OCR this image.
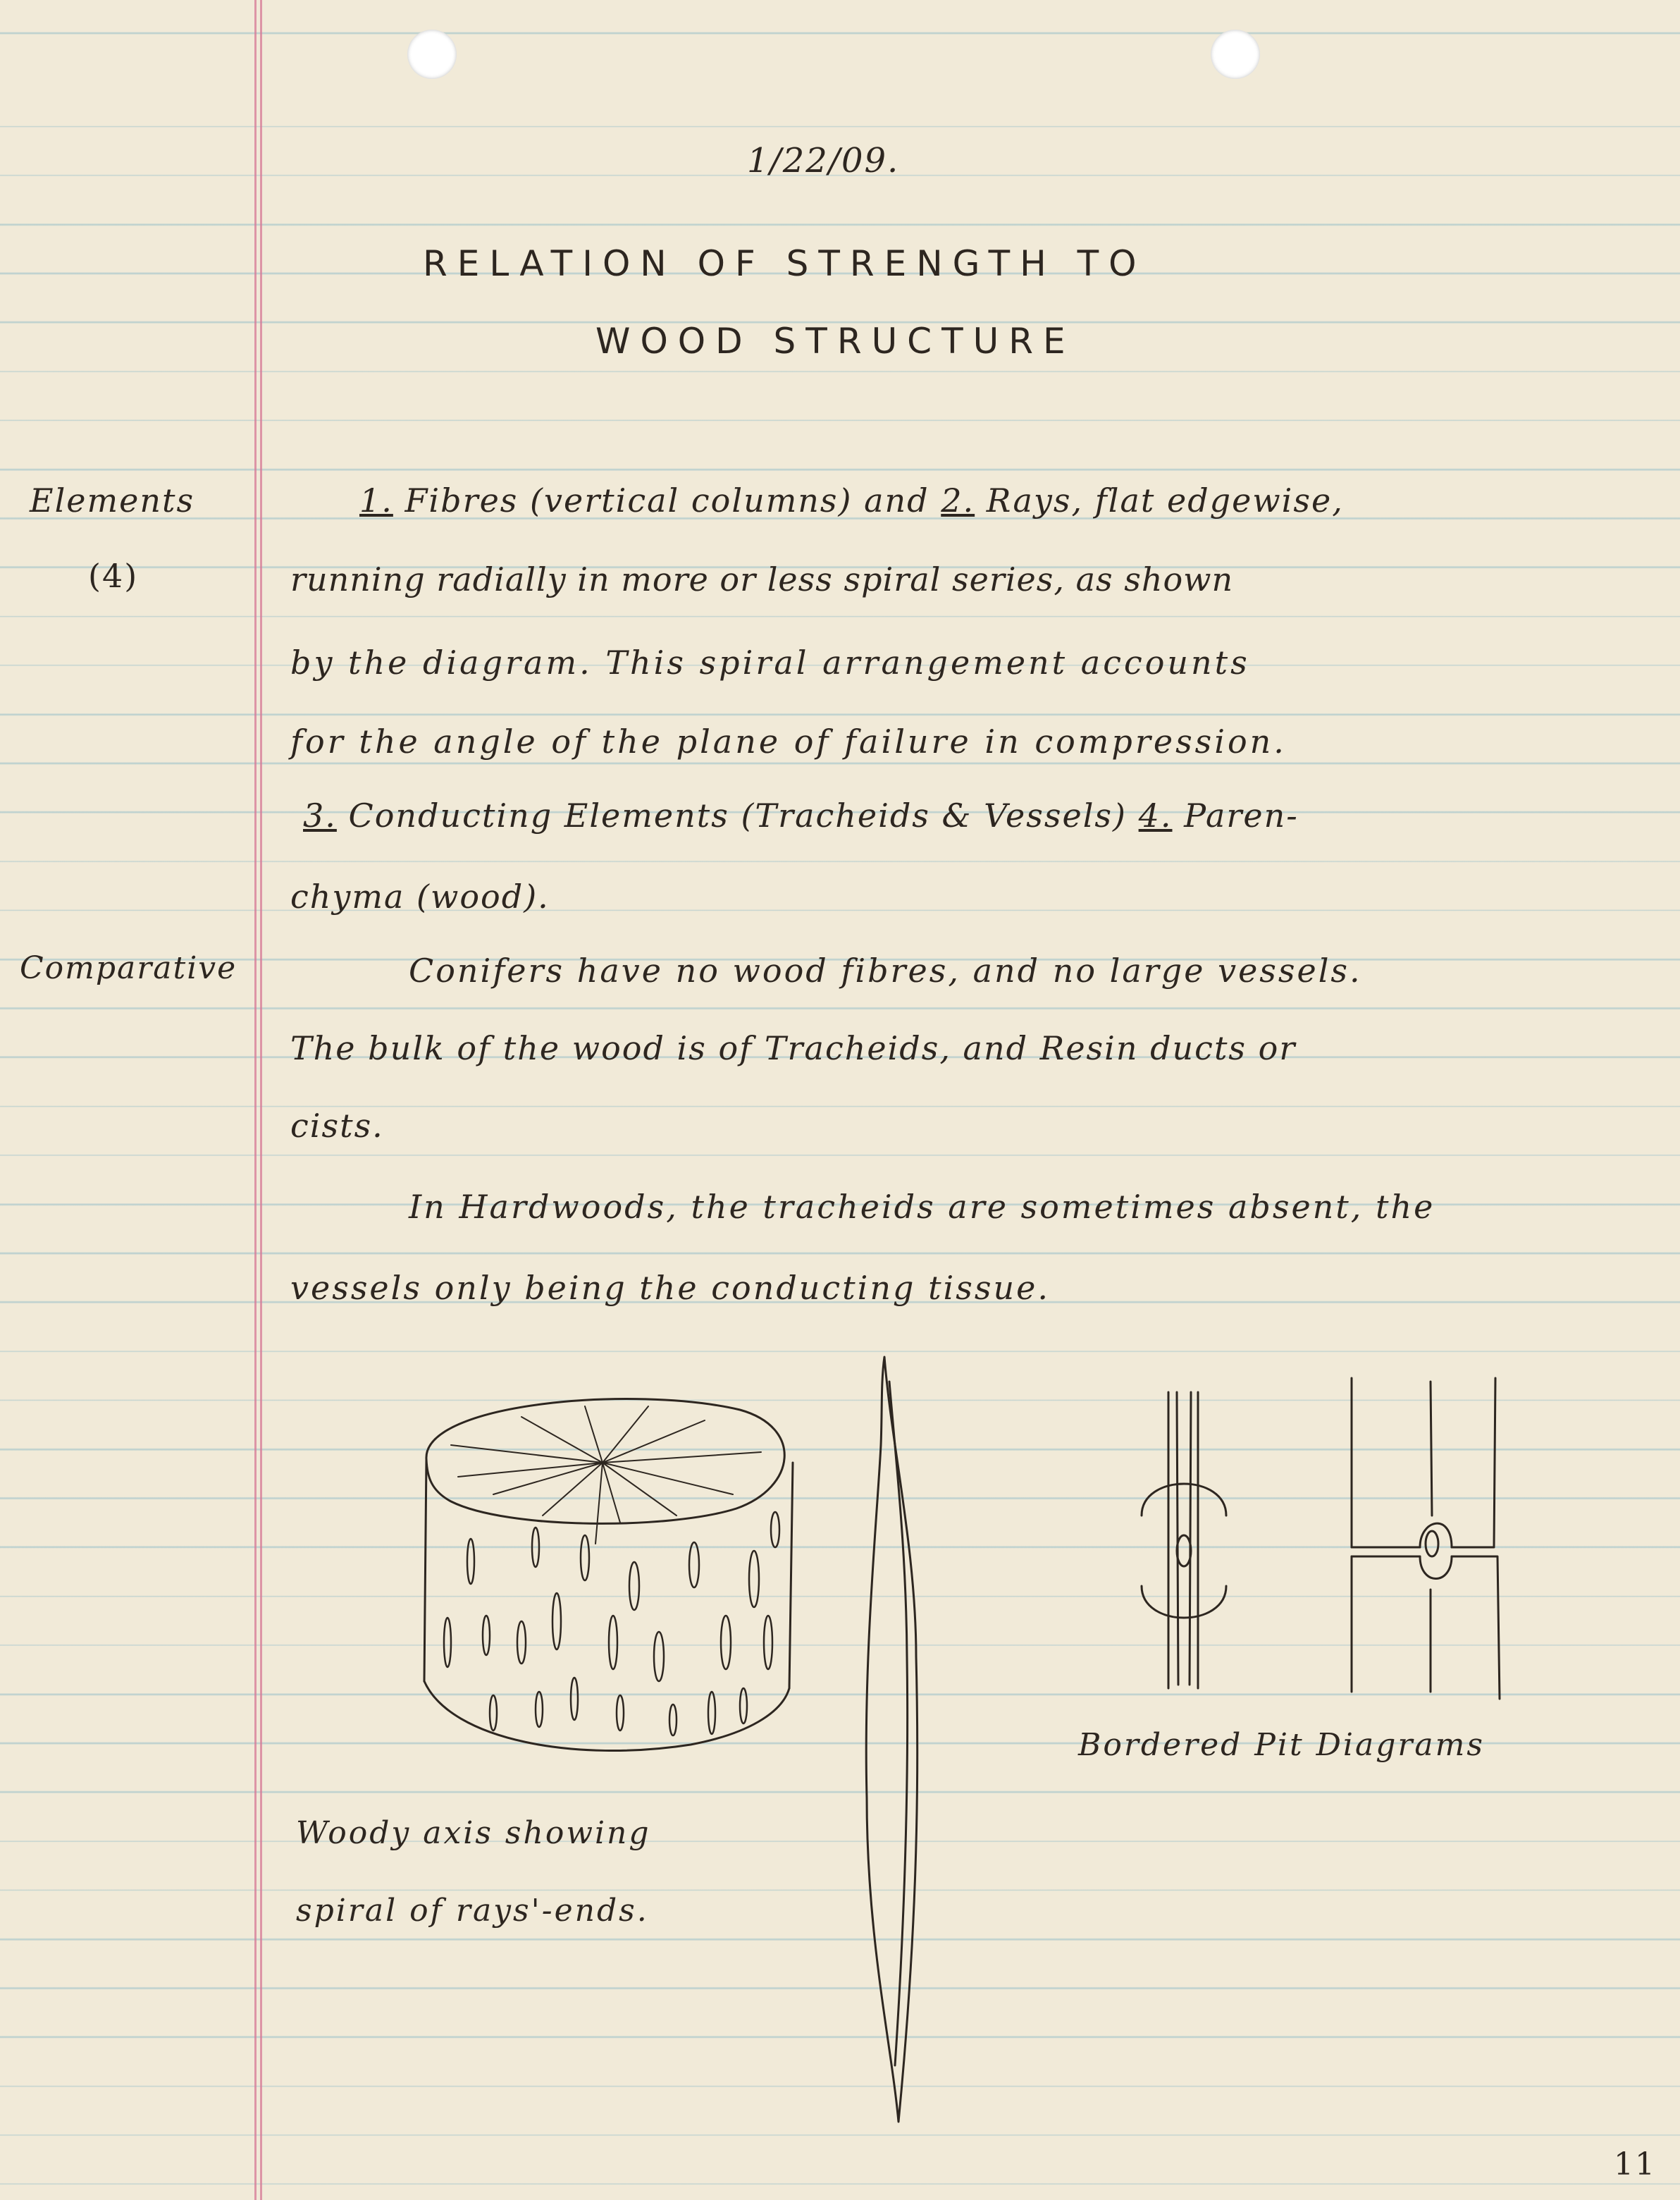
1/22/09.
RELATION OF STRENGTH TO
WOOD STRUCTURE
Elements
(4)
Comparative
1. Fibres (vertical columns) and 2. Rays, flat edgewise,
running radially in more or less spiral series, as shown
by the diagram. This spiral arrangement accounts
for the angle of the plane of failure in compression.
3. Conducting Elements (Tracheids & Vessels) 4. Paren-
chyma (wood).
Conifers have no wood fibres, and no large vessels.
The bulk of the wood is of Tracheids, and Resin ducts or
cists.
In Hardwoods, the tracheids are sometimes absent, the
vessels only being the conducting tissue.
Woody axis showing
spiral of rays'-ends.
Bordered Pit Diagrams
11
